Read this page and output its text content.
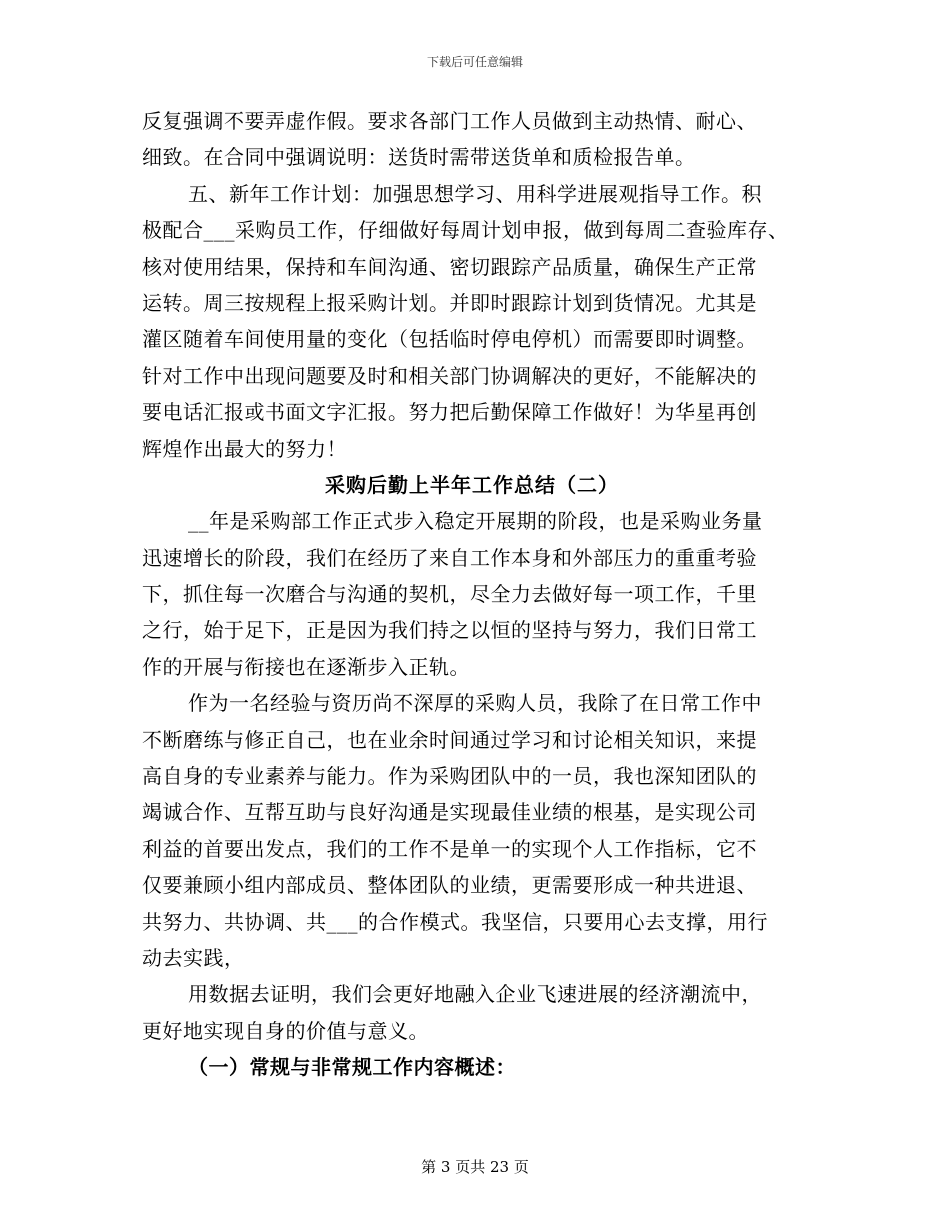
下载后可任意编辑
反复强调不要弄虚作假。要求各部门工作人员做到主动热情、耐心、
细致。在合同中强调说明：送货时需带送货单和质检报告单。
五、新年工作计划：加强思想学习、用科学进展观指导工作。积
极配合___采购员工作，仔细做好每周计划申报，做到每周二查验库存、
核对使用结果，保持和车间沟通、密切跟踪产品质量，确保生产正常
运转。周三按规程上报采购计划。并即时跟踪计划到货情况。尤其是
灌区随着车间使用量的变化（包括临时停电停机）而需要即时调整。
针对工作中出现问题要及时和相关部门协调解决的更好，不能解决的
要电话汇报或书面文字汇报。努力把后勤保障工作做好！为华星再创
辉煌作出最大的努力！
采购后勤上半年工作总结（二）
__年是采购部工作正式步入稳定开展期的阶段，也是采购业务量
迅速增长的阶段，我们在经历了来自工作本身和外部压力的重重考验
下，抓住每一次磨合与沟通的契机，尽全力去做好每一项工作，千里
之行，始于足下，正是因为我们持之以恒的坚持与努力，我们日常工
作的开展与衔接也在逐渐步入正轨。
作为一名经验与资历尚不深厚的采购人员，我除了在日常工作中
不断磨练与修正自己，也在业余时间通过学习和讨论相关知识，来提
高自身的专业素养与能力。作为采购团队中的一员，我也深知团队的
竭诚合作、互帮互助与良好沟通是实现最佳业绩的根基，是实现公司
利益的首要出发点，我们的工作不是单一的实现个人工作指标，它不
仅要兼顾小组内部成员、整体团队的业绩，更需要形成一种共进退、
共努力、共协调、共___的合作模式。我坚信，只要用心去支撑，用行
动去实践，
用数据去证明，我们会更好地融入企业飞速进展的经济潮流中，
更好地实现自身的价值与意义。
（一）常规与非常规工作内容概述：
第 3 页共 23 页
